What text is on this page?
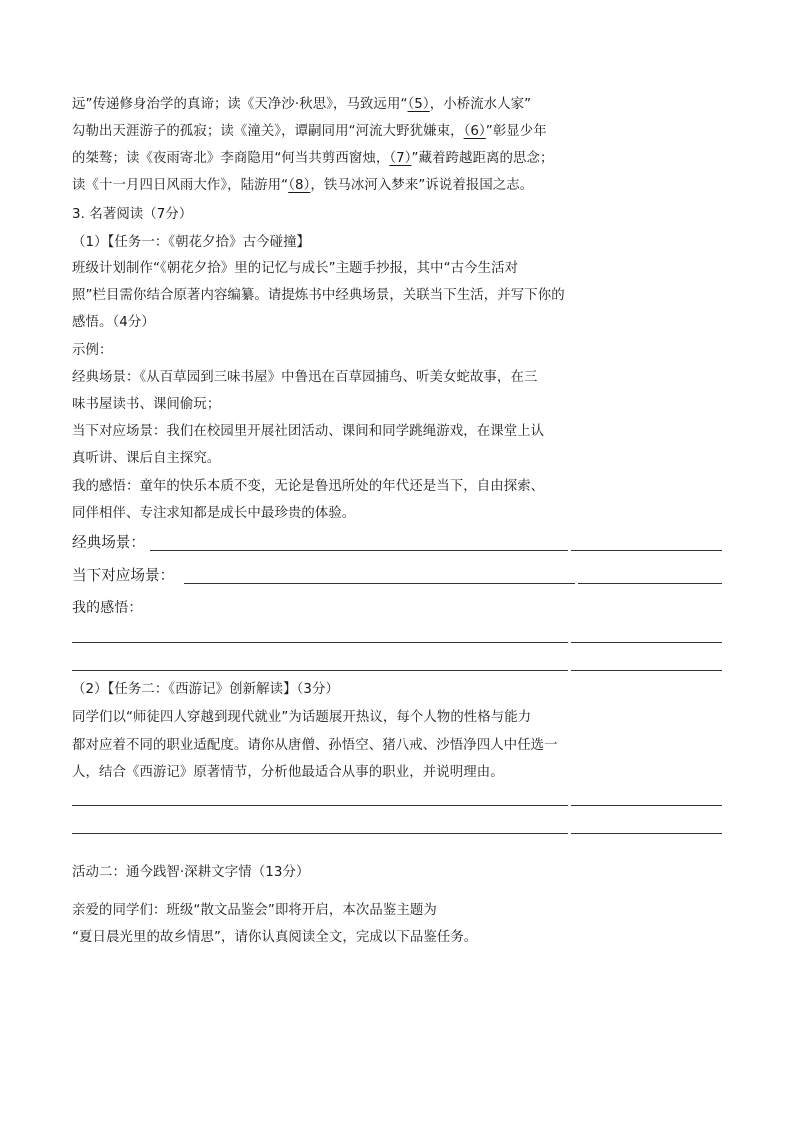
远”传递修身治学的真谛；读《天净沙·秋思》，马致远用“（5），小桥流水人家”
勾勒出天涯游子的孤寂；读《潼关》，谭嗣同用“河流大野犹嫌束，（6）”彰显少年
的桀骜；读《夜雨寄北》李商隐用“何当共剪西窗烛，（7）”藏着跨越距离的思念；
读《十一月四日风雨大作》，陆游用“（8），铁马冰河入梦来”诉说着报国之志。
3. 名著阅读（7分）
（1）【任务一：《朝花夕拾》古今碰撞】
班级计划制作“《朝花夕拾》里的记忆与成长”主题手抄报，其中“古今生活对
照”栏目需你结合原著内容编纂。请提炼书中经典场景，关联当下生活，并写下你的
感悟。（4分）
示例：
经典场景：《从百草园到三味书屋》中鲁迅在百草园捕鸟、听美女蛇故事，在三
味书屋读书、课间偷玩；
当下对应场景：我们在校园里开展社团活动、课间和同学跳绳游戏，在课堂上认
真听讲、课后自主探究。
我的感悟：童年的快乐本质不变，无论是鲁迅所处的年代还是当下，自由探索、
同伴相伴、专注求知都是成长中最珍贵的体验。
经典场景：
当下对应场景：
我的感悟：
（2）【任务二：《西游记》创新解读】（3分）
同学们以“师徒四人穿越到现代就业”为话题展开热议，每个人物的性格与能力
都对应着不同的职业适配度。请你从唐僧、孙悟空、猪八戒、沙悟净四人中任选一
人，结合《西游记》原著情节，分析他最适合从事的职业，并说明理由。
活动二：通今践智·深耕文字情（13分）
亲爱的同学们：班级“散文品鉴会”即将开启，本次品鉴主题为
“夏日晨光里的故乡情思”，请你认真阅读全文，完成以下品鉴任务。
